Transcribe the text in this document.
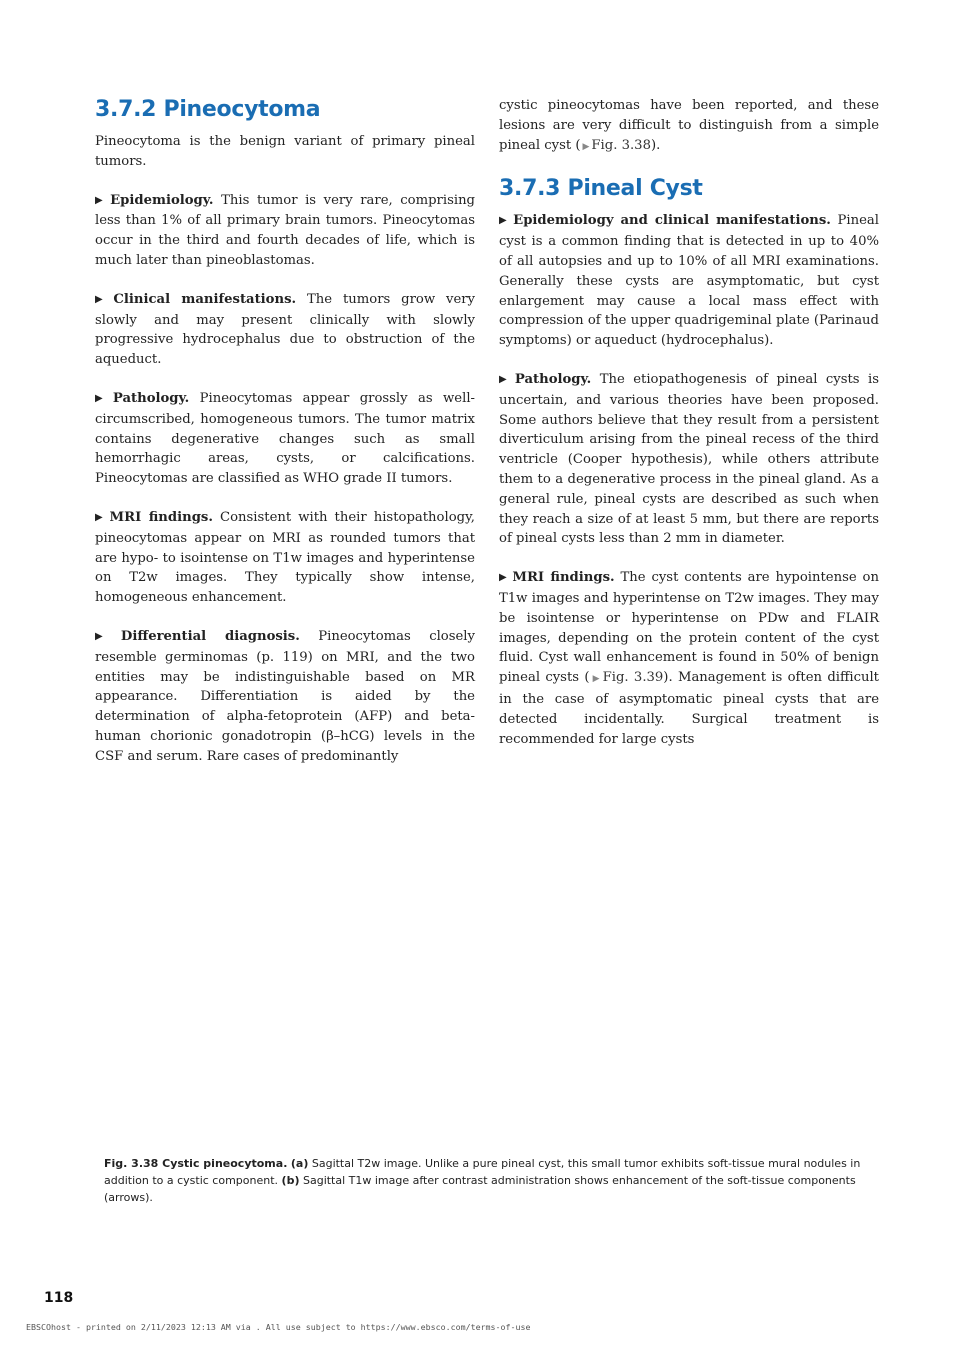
3.7.2 Pineocytoma

Pineocytoma is the benign variant of primary pineal tumors.

▶ Epidemiology. This tumor is very rare, comprising less than 1% of all primary brain tumors. Pineocytomas occur in the third and fourth decades of life, which is much later than pineoblastomas.

▶ Clinical manifestations. The tumors grow very slowly and may present clinically with slowly progressive hydrocephalus due to obstruction of the aqueduct.

▶ Pathology. Pineocytomas appear grossly as well-circumscribed, homogeneous tumors. The tumor matrix contains degenerative changes such as small hemorrhagic areas, cysts, or calcifications. Pineocytomas are classified as WHO grade II tumors.

▶ MRI findings. Consistent with their histopathology, pineocytomas appear on MRI as rounded tumors that are hypo- to isointense on T1w images and hyperintense on T2w images. They typically show intense, homogeneous enhancement.

▶ Differential diagnosis. Pineocytomas closely resemble germinomas (p. 119) on MRI, and the two entities may be indistinguishable based on MR appearance. Differentiation is aided by the determination of alpha-fetoprotein (AFP) and beta-human chorionic gonadotropin (β–hCG) levels in the CSF and serum. Rare cases of predominantly

cystic pineocytomas have been reported, and these lesions are very difficult to distinguish from a simple pineal cyst ( ▶ Fig. 3.38).

3.7.3 Pineal Cyst

▶ Epidemiology and clinical manifestations. Pineal cyst is a common finding that is detected in up to 40% of all autopsies and up to 10% of all MRI examinations. Generally these cysts are asymptomatic, but cyst enlargement may cause a local mass effect with compression of the upper quadrigeminal plate (Parinaud symptoms) or aqueduct (hydrocephalus).

▶ Pathology. The etiopathogenesis of pineal cysts is uncertain, and various theories have been proposed. Some authors believe that they result from a persistent diverticulum arising from the pineal recess of the third ventricle (Cooper hypothesis), while others attribute them to a degenerative process in the pineal gland. As a general rule, pineal cysts are described as such when they reach a size of at least 5 mm, but there are reports of pineal cysts less than 2 mm in diameter.

▶ MRI findings. The cyst contents are hypointense on T1w images and hyperintense on T2w images. They may be isointense or hyperintense on PDw and FLAIR images, depending on the protein content of the cyst fluid. Cyst wall enhancement is found in 50% of benign pineal cysts ( ▶ Fig. 3.39). Management is often difficult in the case of asymptomatic pineal cysts that are detected incidentally. Surgical treatment is recommended for large cysts

Fig. 3.38 Cystic pineocytoma. (a) Sagittal T2w image. Unlike a pure pineal cyst, this small tumor exhibits soft-tissue mural nodules in addition to a cystic component. (b) Sagittal T1w image after contrast administration shows enhancement of the soft-tissue components (arrows).
118
EBSCOhost - printed on 2/11/2023 12:13 AM via . All use subject to https://www.ebsco.com/terms-of-use
